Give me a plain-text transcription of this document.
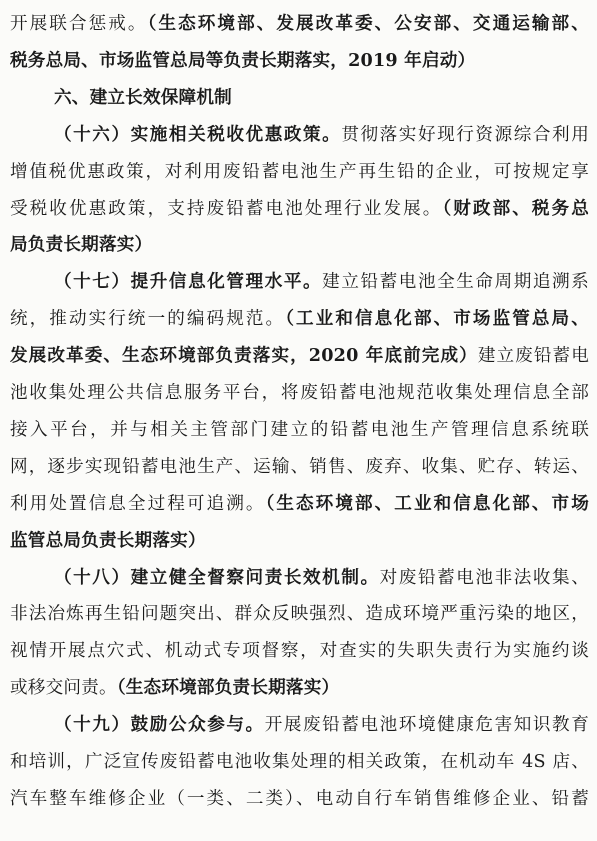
开展联合惩戒。（生态环境部、发展改革委、公安部、交通运输部、
税务总局、市场监管总局等负责长期落实，2019 年启动）
六、建立长效保障机制
（十六）实施相关税收优惠政策。贯彻落实好现行资源综合利用
增值税优惠政策，对利用废铅蓄电池生产再生铅的企业，可按规定享
受税收优惠政策，支持废铅蓄电池处理行业发展。（财政部、税务总
局负责长期落实）
（十七）提升信息化管理水平。建立铅蓄电池全生命周期追溯系
统，推动实行统一的编码规范。（工业和信息化部、市场监管总局、
发展改革委、生态环境部负责落实，2020 年底前完成）建立废铅蓄电
池收集处理公共信息服务平台，将废铅蓄电池规范收集处理信息全部
接入平台，并与相关主管部门建立的铅蓄电池生产管理信息系统联
网，逐步实现铅蓄电池生产、运输、销售、废弃、收集、贮存、转运、
利用处置信息全过程可追溯。（生态环境部、工业和信息化部、市场
监管总局负责长期落实）
（十八）建立健全督察问责长效机制。对废铅蓄电池非法收集、
非法冶炼再生铅问题突出、群众反映强烈、造成环境严重污染的地区，
视情开展点穴式、机动式专项督察，对查实的失职失责行为实施约谈
或移交问责。（生态环境部负责长期落实）
（十九）鼓励公众参与。开展废铅蓄电池环境健康危害知识教育
和培训，广泛宣传废铅蓄电池收集处理的相关政策，在机动车 4S 店、
汽车整车维修企业（一类、二类）、电动自行车销售维修企业、铅蓄
